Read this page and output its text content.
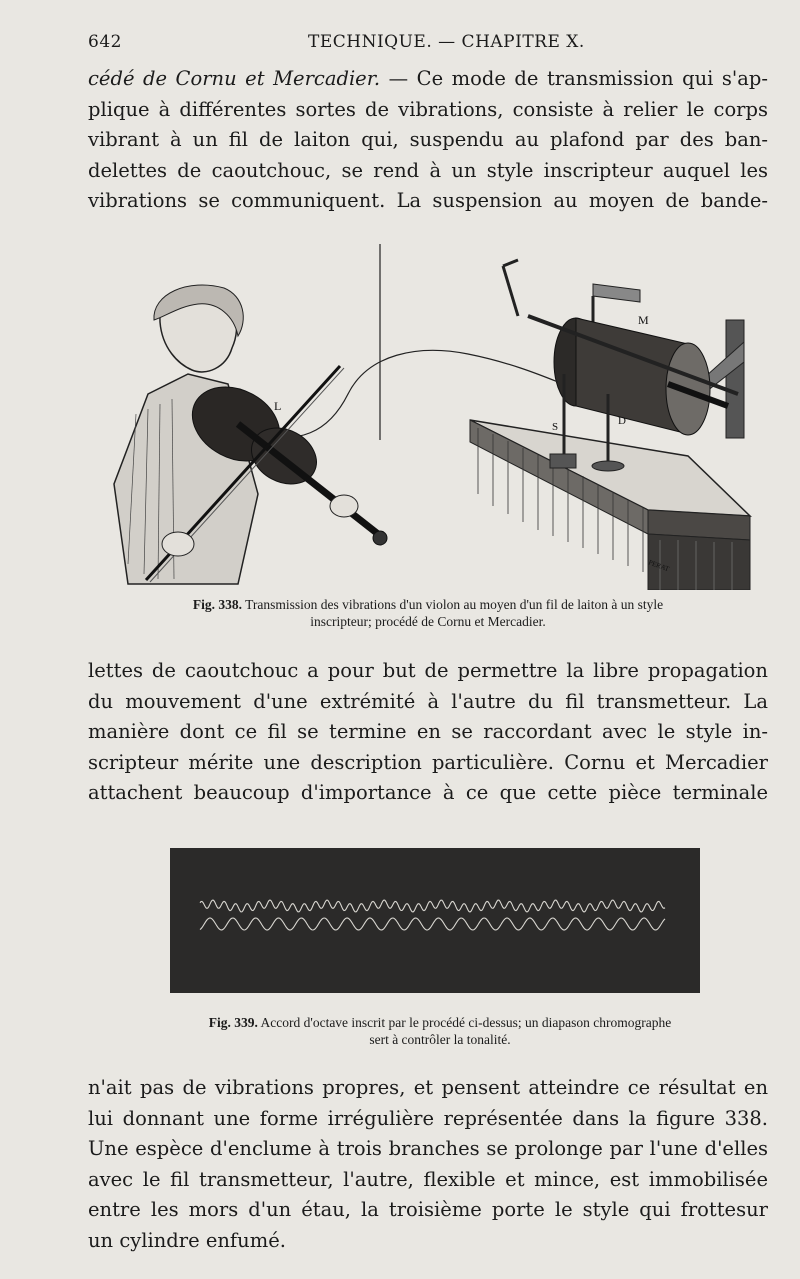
642	TECHNIQUE. — CHAPITRE X.
cédé de Cornu et Mercadier. — Ce mode de transmission qui s'ap-
plique à différentes sortes de vibrations, consiste à relier le corps
vibrant à un fil de laiton qui, suspendu au plafond par des ban-
delettes de caoutchouc, se rend à un style inscripteur auquel les
vibrations se communiquent. La suspension au moyen de bande-
M
S	D
PERAT
L
Fig. 338. Transmission des vibrations d'un violon au moyen d'un fil de laiton à un style
inscripteur; procédé de Cornu et Mercadier.
lettes de caoutchouc a pour but de permettre la libre propagation
du mouvement d'une extrémité à l'autre du fil transmetteur. La
manière dont ce fil se termine en se raccordant avec le style in-
scripteur mérite une description particulière. Cornu et Mercadier
attachent beaucoup d'importance à ce que cette pièce terminale
Fig. 339. Accord d'octave inscrit par le procédé ci-dessus; un diapason chromographe
sert à contrôler la tonalité.
n'ait pas de vibrations propres, et pensent atteindre ce résultat en
lui donnant une forme irrégulière représentée dans la figure 338.
Une espèce d'enclume à trois branches se prolonge par l'une d'elles
avec le fil transmetteur, l'autre, flexible et mince, est immobilisée
entre les mors d'un étau, la troisième porte le style qui frottesur
un cylindre enfumé.
